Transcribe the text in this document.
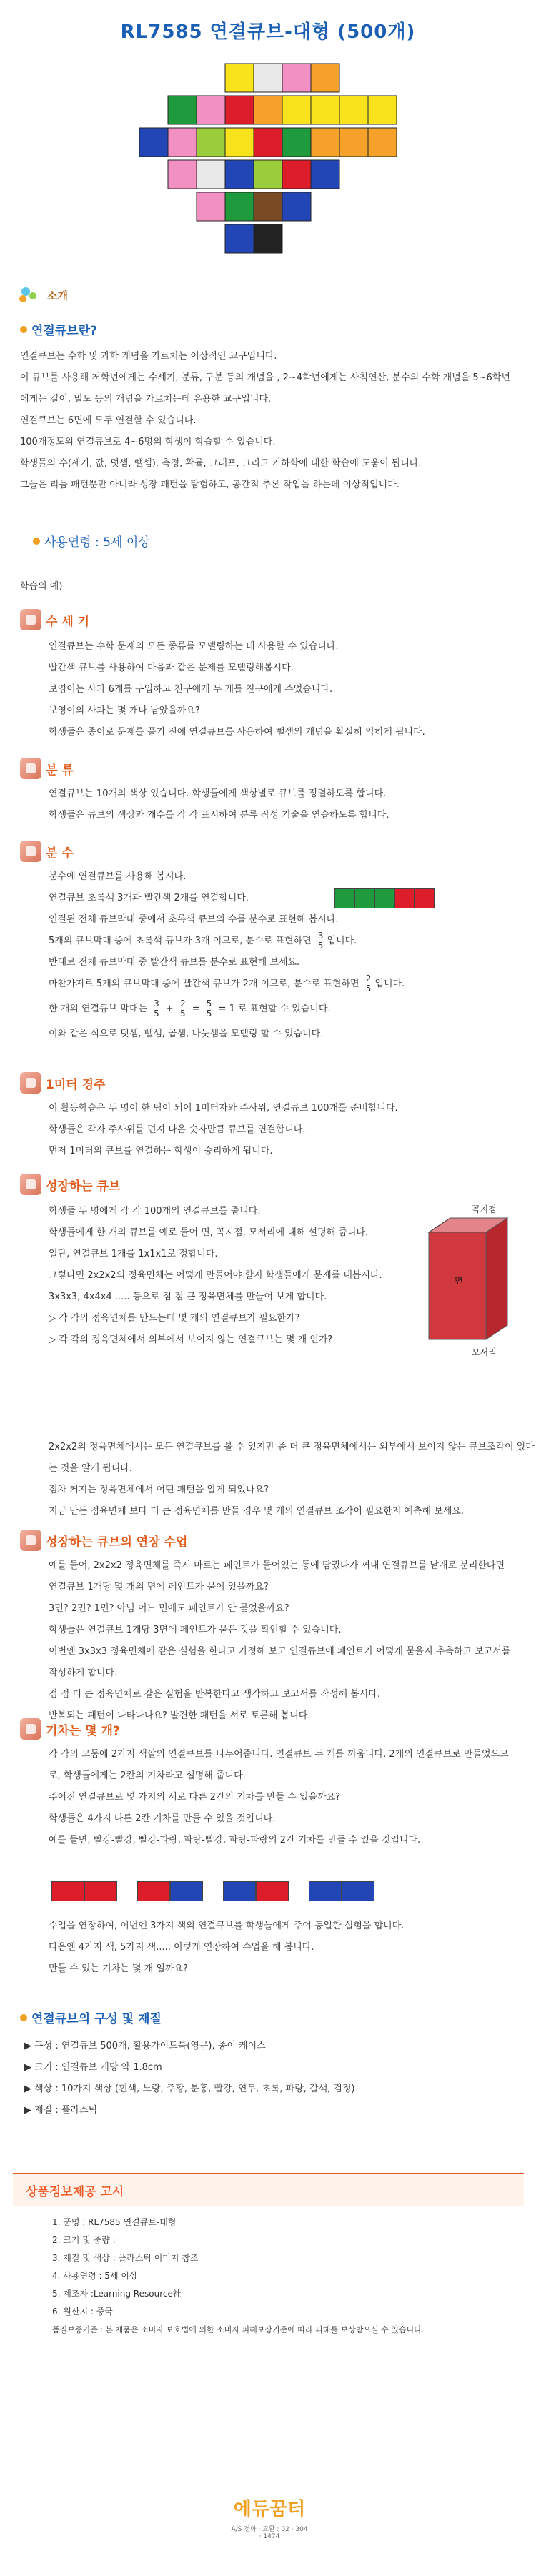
RL7585 연결큐브-대형 (500개)
소개
연결큐브란?

연결큐브는 수학 및 과학 개념을 가르치는 이상적인 교구입니다.

이 큐브를 사용해 저학년에게는 수세기, 분류, 구분 등의 개념을 , 2~4학년에게는 사칙연산, 분수의 수학 개념을 5~6학년에게는 길이, 밀도 등의 개념을 가르치는데 유용한 교구입니다.

연결큐브는 6면에 모두 연결할 수 있습니다.

100개정도의 연결큐브로 4~6명의 학생이 학습할 수 있습니다.

학생들의 수(세기, 값, 덧셈, 뺄셈), 측정, 확률, 그래프, 그리고 기하학에 대한 학습에 도움이 됩니다.

그들은 리듬 패턴뿐만 아니라 성장 패턴을 탐험하고, 공간적 추론 작업을 하는데 이상적입니다.

사용연령 : 5세 이상

학습의 예)

수 세 기

연결큐브는 수학 문제의 모든 종류를 모델링하는 데 사용할 수 있습니다.

빨간색 큐브를 사용하여 다음과 같은 문제를 모델링해봅시다.

보영이는 사과 6개를 구입하고 친구에게 두 개를 친구에게 주었습니다.

보영이의 사과는 몇 개나 남았을까요?

학생들은 종이로 문제를 풀기 전에 연결큐브를 사용하여 뺄셈의 개념을 확실히 익히게 됩니다.

분 류

연결큐브는 10개의 색상 있습니다. 학생들에게 색상별로 큐브를 정렬하도록 합니다.

학생들은 큐브의 색상과 개수를 각 각 표시하여 분류 작성 기술을 연습하도록 합니다.

분 수

분수에 연결큐브를 사용해 봅시다.

연결큐브 초록색 3개과 빨간색 2개를 연결합니다.

연결된 전체 큐브막대 중에서 초록색 큐브의 수를 분수로 표현해 봅시다.

5개의 큐브막대 중에 초록색 큐브가 3개 이므로, 분수로 표현하면 $\frac{3}{5}$ 입니다.

반대로 전체 큐브막대 중 빨간색 큐브를 분수로 표현해 보세요.

마찬가지로 5개의 큐브막대 중에 빨간색 큐브가 2개 이므로, 분수로 표현하면 $\frac{2}{5}$ 입니다.

한 개의 연결큐브 막대는 $\frac{3}{5} + \frac{2}{5} = \frac{5}{5} = 1$ 로 표현할 수 있습니다.

이와 같은 식으로 덧셈, 뺄셈, 곱셈, 나눗셈을 모델링 할 수 있습니다.

1미터 경주

이 활동학습은 두 명이 한 팀이 되어 1미터자와 주사위, 연결큐브 100개를 준비합니다.

학생들은 각자 주사위를 던져 나온 숫자만큼 큐브를 연결합니다.

먼저 1미터의 큐브를 연결하는 학생이 승리하게 됩니다.

성장하는 큐브

학생들 두 명에게 각 각 100개의 연결큐브를 줍니다.

학생들에게 한 개의 큐브를 예로 들어 면, 꼭지점, 모서리에 대해 설명해 줍니다.

일단, 연결큐브 1개를 1x1x1로 정합니다.

그렇다면 2x2x2의 정육면체는 어떻게 만들어야 할지 학생들에게 문제를 내봅시다.

3x3x3, 4x4x4 ..... 등으로 점 점 큰 정육면체를 만들어 보게 합니다.

▷ 각 각의 정육면체를 만드는데 몇 개의 연결큐브가 필요한가?

▷ 각 각의 정육면체에서 외부에서 보이지 않는 연결큐브는 몇 개 인가?

2x2x2의 정육면체에서는 모든 연결큐브를 볼 수 있지만 좀 더 큰 정육면체에서는 외부에서 보이지 않는 큐브조각이 있다는 것을 알게 됩니다.

점차 커지는 정육면체에서 어떤 패턴을 알게 되었나요?

지금 만든 정육면체 보다 더 큰 정육면체를 만들 경우 몇 개의 연결큐브 조각이 필요한지 예측해 보세요.

꼭지점
면
모서리
성장하는 큐브의 연장 수업

예를 들어, 2x2x2 정육면체를 즉시 마르는 페인트가 들어있는 통에 담궜다가 꺼내 연결큐브를 낱개로 분리한다면 연결큐브 1개당 몇 개의 면에 페인트가 묻어 있을까요?

3면? 2면? 1면? 아님 어느 면에도 페인트가 안 묻었을까요?

학생들은 연결큐브 1개당 3면에 페인트가 묻은 것을 확인할 수 있습니다.

이번엔 3x3x3 정육면체에 같은 실험을 한다고 가정해 보고 연결큐브에 페인트가 어떻게 묻을지 추측하고 보고서를 작성하게 합니다.

점 점 더 큰 정육면체로 같은 실험을 반복한다고 생각하고 보고서를 작성해 봅시다.

반복되는 패턴이 나타나나요? 발견한 패턴을 서로 토론해 봅니다.

기차는 몇 개?

각 각의 모둠에 2가지 색깔의 연결큐브를 나누어줍니다. 연결큐브 두 개를 끼웁니다. 2개의 연결큐브로 만들었으므로, 학생들에게는 2칸의 기차라고 설명해 줍니다.

주어진 연결큐브로 몇 가지의 서로 다른 2칸의 기차를 만들 수 있을까요?

학생들은 4가지 다른 2칸 기차를 만들 수 있을 것입니다.

예를 들면, 빨강-빨강, 빨강-파랑, 파랑-빨강, 파랑-파랑의 2칸 기차를 만들 수 있을 것입니다.

수업을 연장하여, 이번엔 3가지 색의 연결큐브를 학생들에게 주어 동일한 실험을 합니다.

다음엔 4가지 색, 5가지 색..... 이렇게 연장하여 수업을 해 봅니다.

만들 수 있는 기차는 몇 개 일까요?

연결큐브의 구성 및 재질

▶ 구성 : 연결큐브 500개, 활용가이드북(영문), 종이 케이스

▶ 크기 : 연결큐브 개당 약 1.8cm

▶ 색상 : 10가지 색상 (흰색, 노랑, 주황, 분홍, 빨강, 연두, 초록, 파랑, 갈색, 검정)

▶ 재질 : 플라스틱

상품정보제공 고시

1. 품명 : RL7585 연결큐브-대형

2. 크기 및 중량 :

3. 재질 및 색상 : 플라스틱 이미지 참조

4. 사용연령 : 5세 이상

5. 제조자 :Learning Resource社

6. 원산지 : 중국

품질보증기준 : 본 제품은 소비자 보호법에 의한 소비자 피해보상기준에 따라 피해를 보상받으실 수 있습니다.

에듀꿈터
A/S 전화 · 교환 : 02 · 304 · 1474
